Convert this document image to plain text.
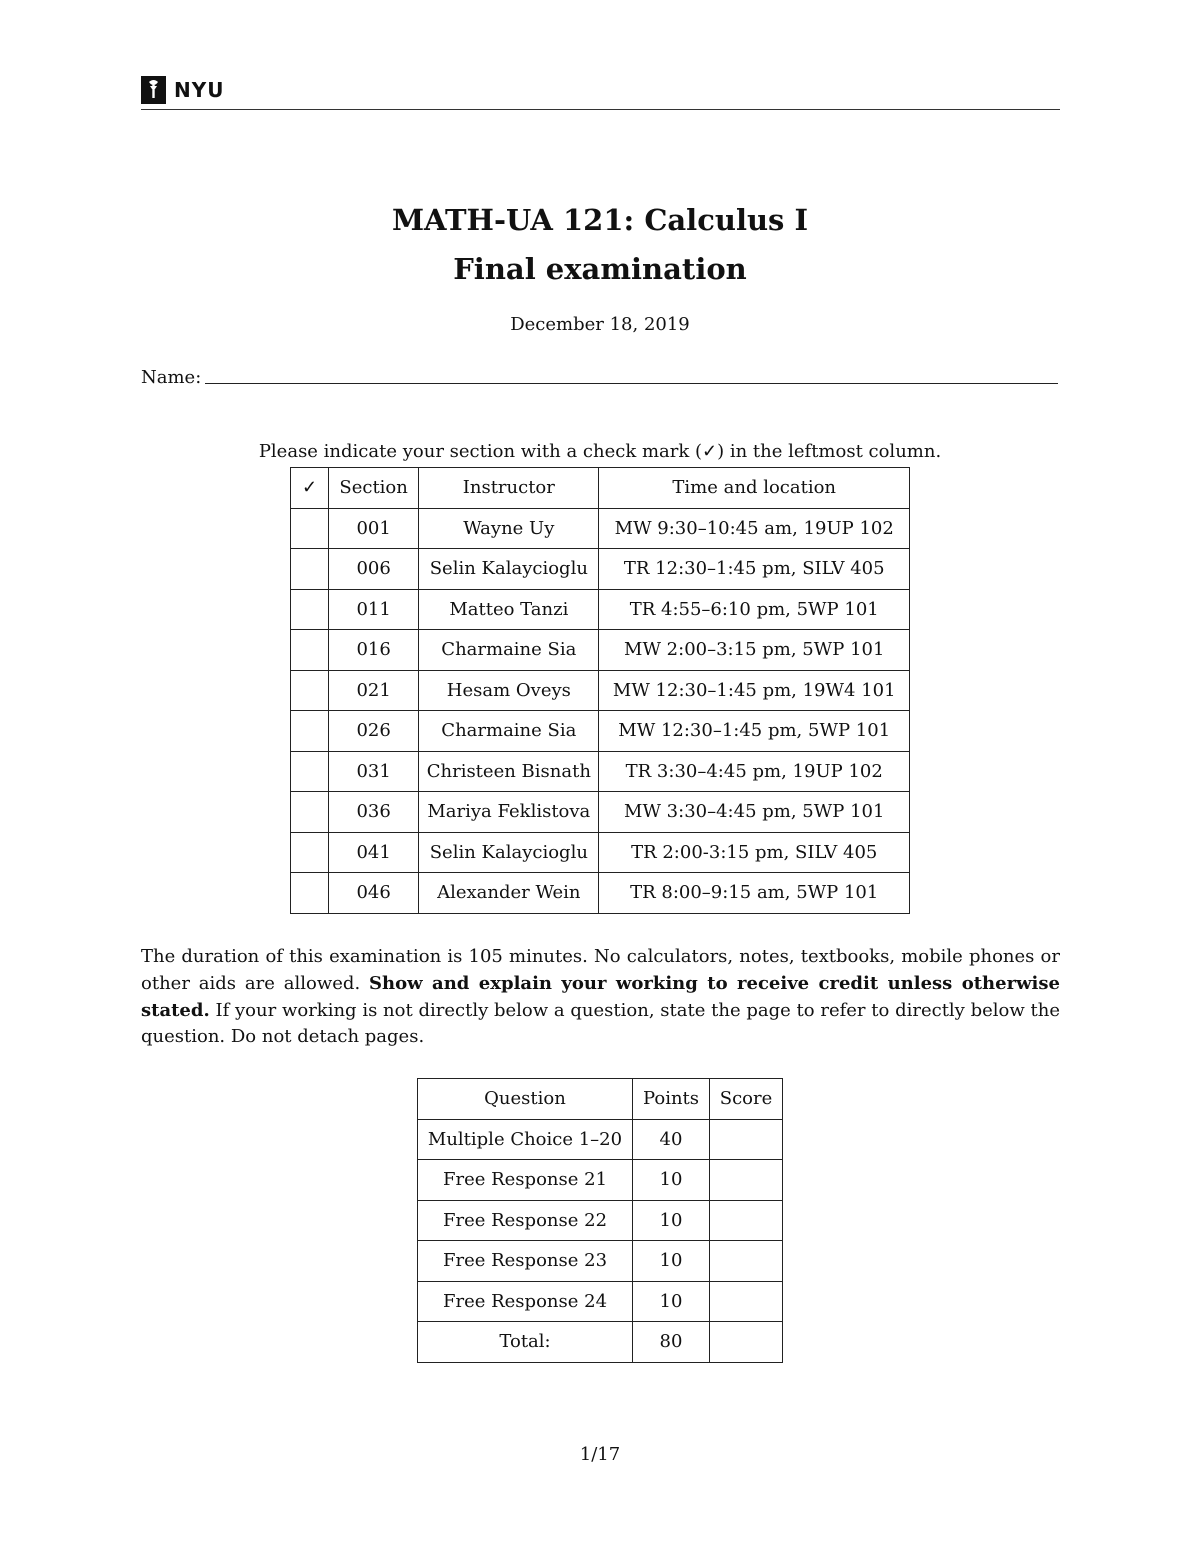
NYU
MATH-UA 121: Calculus I
Final examination
December 18, 2019
Name:
Please indicate your section with a check mark (✓) in the leftmost column.
✓	Section	Instructor	Time and location
	001	Wayne Uy	MW 9:30–10:45 am, 19UP 102
	006	Selin Kalaycioglu	TR 12:30–1:45 pm, SILV 405
	011	Matteo Tanzi	TR 4:55–6:10 pm, 5WP 101
	016	Charmaine Sia	MW 2:00–3:15 pm, 5WP 101
	021	Hesam Oveys	MW 12:30–1:45 pm, 19W4 101
	026	Charmaine Sia	MW 12:30–1:45 pm, 5WP 101
	031	Christeen Bisnath	TR 3:30–4:45 pm, 19UP 102
	036	Mariya Feklistova	MW 3:30–4:45 pm, 5WP 101
	041	Selin Kalaycioglu	TR 2:00-3:15 pm, SILV 405
	046	Alexander Wein	TR 8:00–9:15 am, 5WP 101
The duration of this examination is 105 minutes. No calculators, notes, textbooks, mobile phones or other aids are allowed. Show and explain your working to receive credit unless otherwise stated. If your working is not directly below a question, state the page to refer to directly below the question. Do not detach pages.
Question	Points	Score
Multiple Choice 1–20	40	
Free Response 21	10	
Free Response 22	10	
Free Response 23	10	
Free Response 24	10	
Total:	80	
1/17
